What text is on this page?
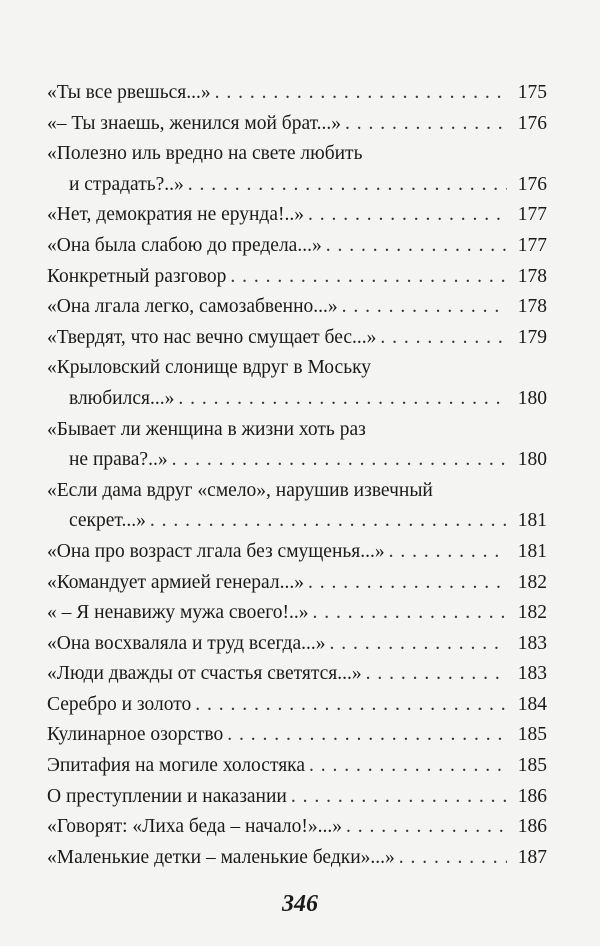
«Ты все рвешься...» . . .	175
«– Ты знаешь, женился мой брат...» . . .	176
«Полезно иль вредно на свете любить
и страдать?..» . . .	176
«Нет, демократия не ерунда!..» . . .	177
«Она была слабою до предела...» . . .	177
Конкретный разговор . . .	178
«Она лгала легко, самозабвенно...» . . .	178
«Твердят, что нас вечно смущает бес...» . . .	179
«Крыловский слонище вдруг в Моську
влюбился...» . . .	180
«Бывает ли женщина в жизни хоть раз
не права?..» . . .	180
«Если дама вдруг «смело», нарушив извечный
секрет...» . . .	181
«Она про возраст лгала без смущенья...» . . .	181
«Командует армией генерал...» . . .	182
« – Я ненавижу мужа своего!..» . . .	182
«Она восхваляла и труд всегда...» . . .	183
«Люди дважды от счастья светятся...» . . .	183
Серебро и золото . . .	184
Кулинарное озорство . . .	185
Эпитафия на могиле холостяка . . .	185
О преступлении и наказании . . .	186
«Говорят: «Лиха беда – начало!»...» . . .	186
«Маленькие детки – маленькие бедки»...» . . .	187
346
